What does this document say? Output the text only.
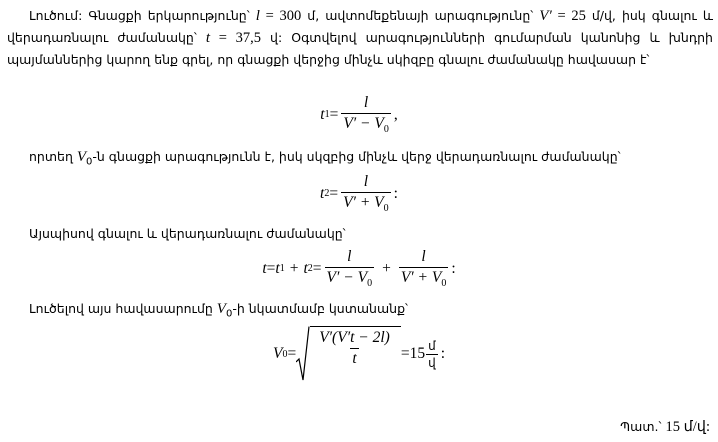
Լուծում: Գնացքի երկարությունը՝ l = 300 մ, ավտոմեքենայի արագությունը՝ V′ = 25 մ/վ, իսկ գնալու և վերադառնալու ժամանակը՝ t = 37,5 վ: Օգտվելով արագությունների գումարման կանոնից և խնդրի պայմաններից կարող ենք գրել, որ գնացքի վերջից մինչև սկիզբը գնալու ժամանակը հավասար է՝
t $1 = \frac{l}{V' - V_0}$ ,
որտեղ $V_0-ն$ գնացքի արագությունն է, իսկ սկզբից մինչև վերջ վերադառնալու ժամանակը՝
t $2 = \frac{l}{V' + V_0}$ :
Այսպիսով գնալու և վերադառնալու ժամանակը՝
t = t 1 + t $2 = \frac{l}{V' - V_0} + \frac{l}{V' + V_0}$ :
Լուծելով այս հավասարումը $V_0-ի$ նկատմամբ կստանանք՝
V $0 = \frac{V'(V't - 2l)}{t} = 15 \frac{\text{մ}}{\text{վ}}$ :
Պատ.՝ 15 մ/վ:
